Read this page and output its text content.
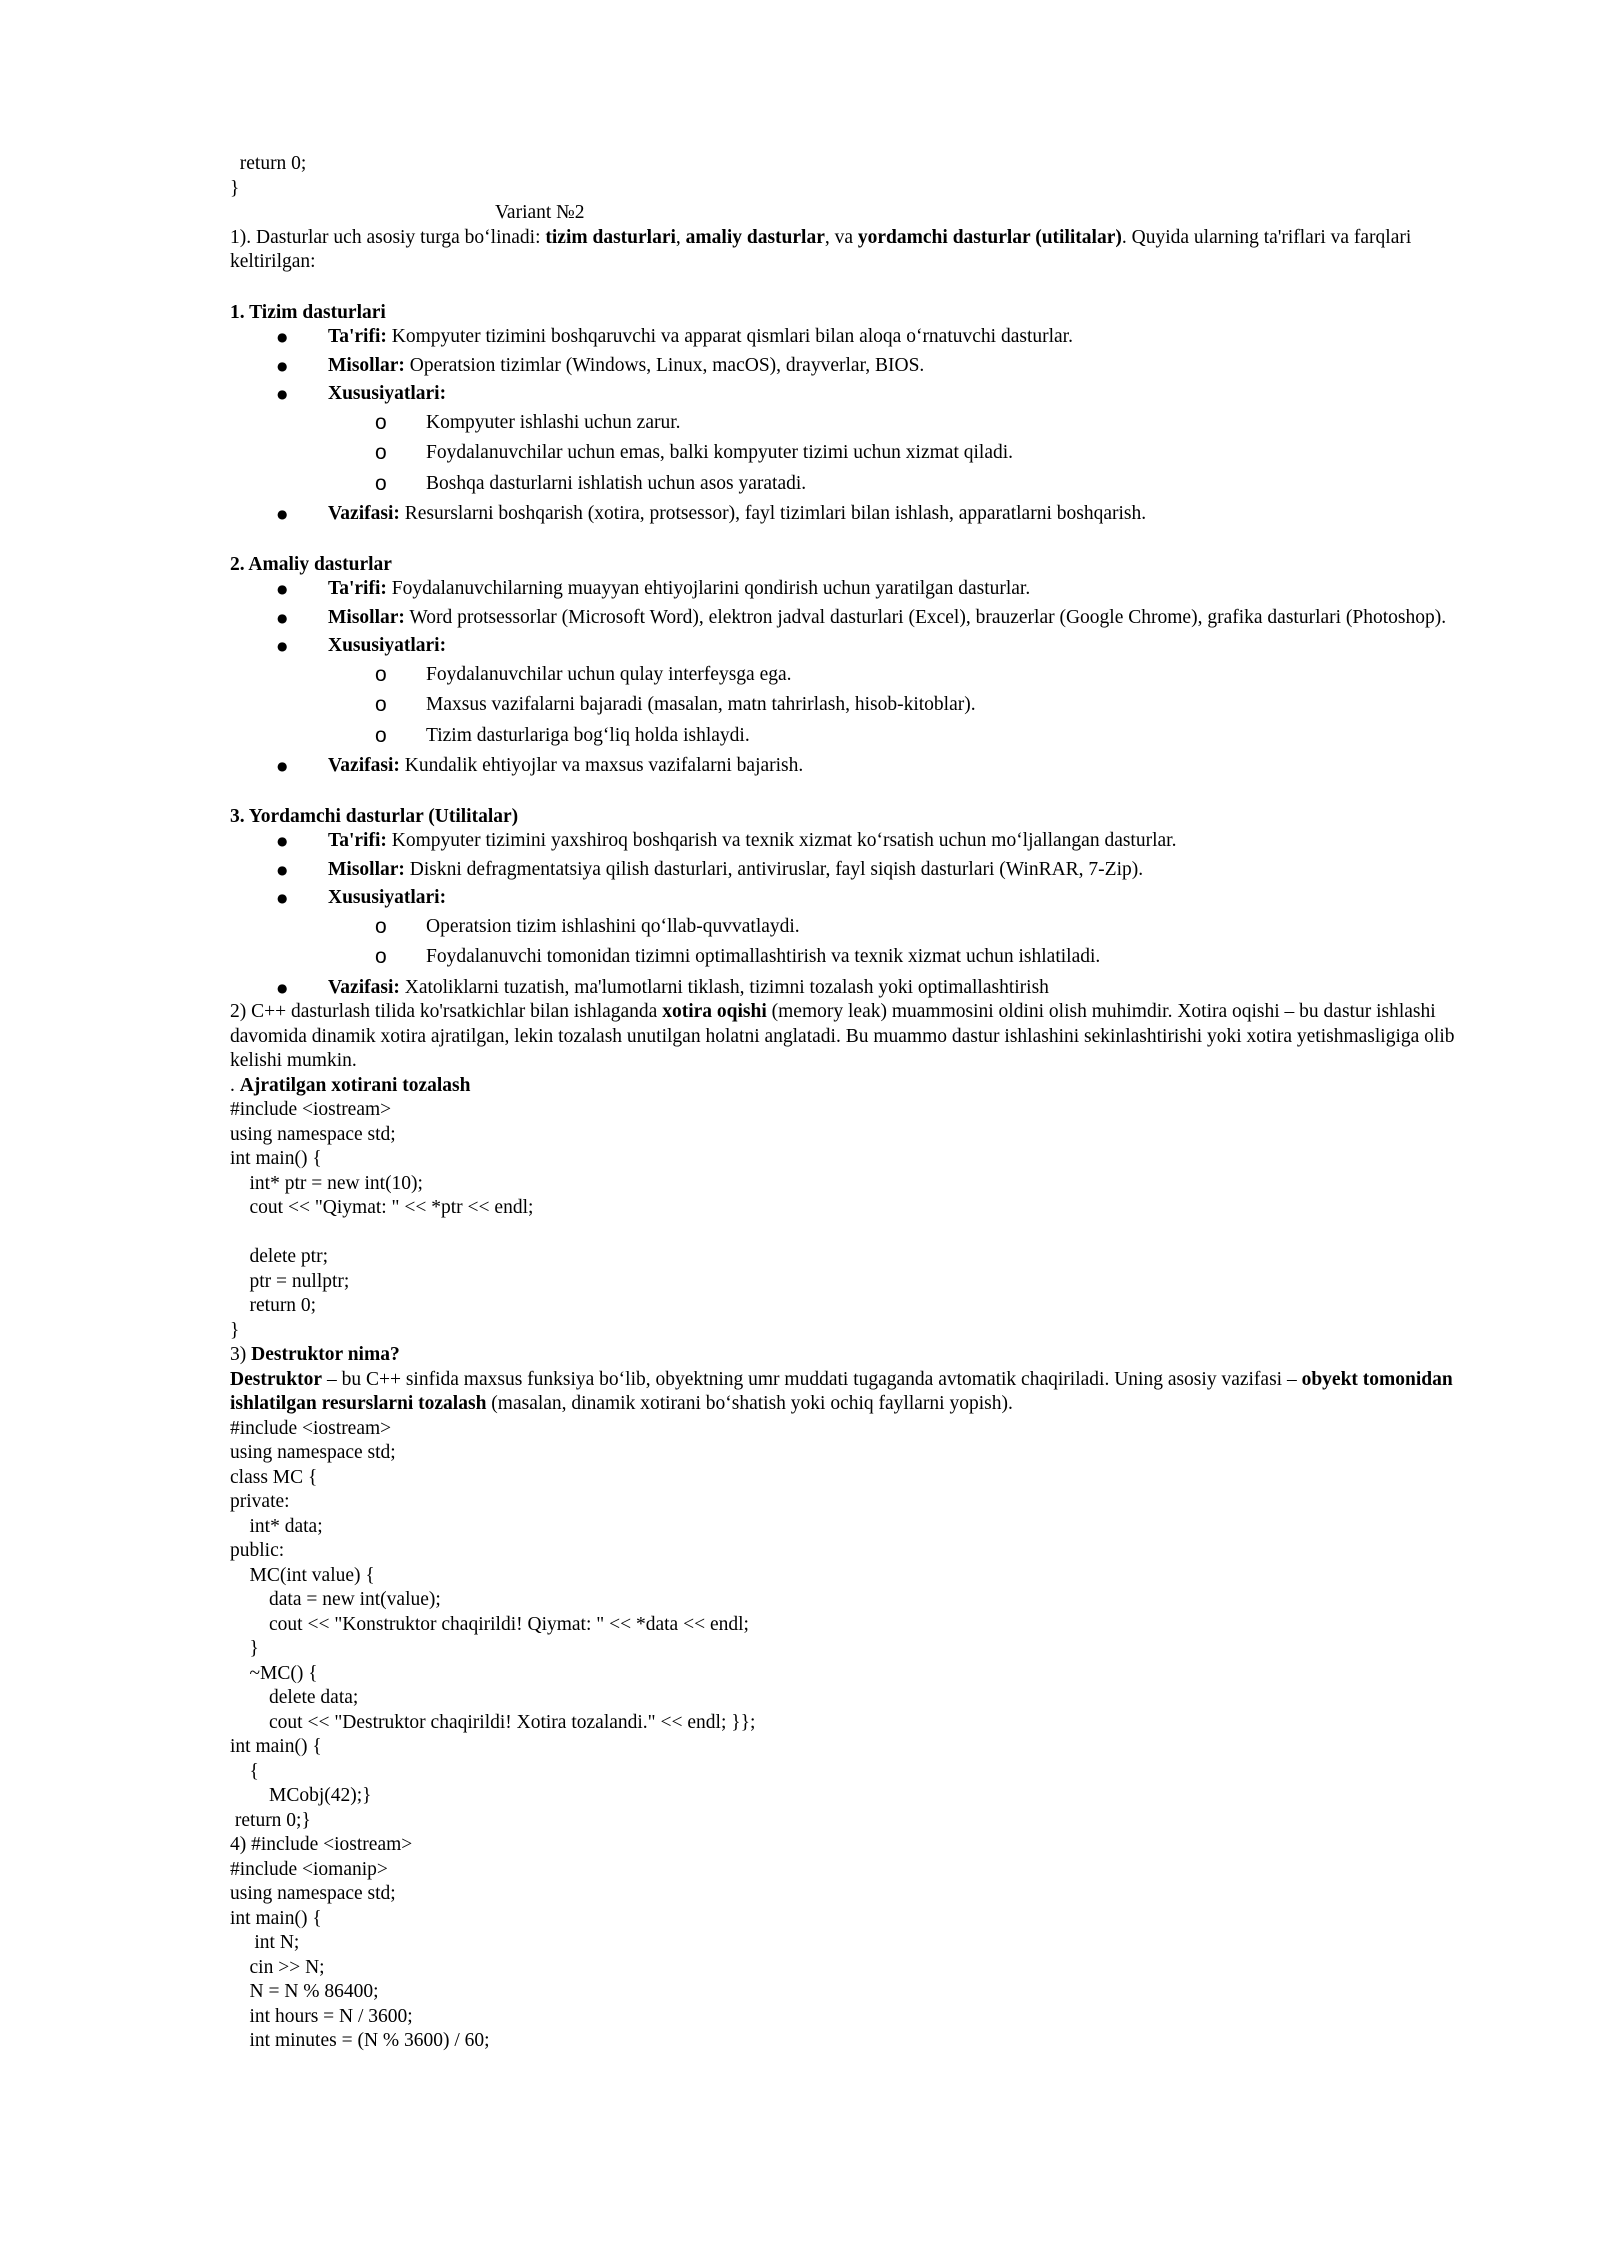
return 0;
}
Variant №2
1). Dasturlar uch asosiy turga bo‘linadi: tizim dasturlari, amaliy dasturlar, va yordamchi dasturlar (utilitalar). Quyida ularning ta'riflari va farqlari keltirilgan:
1. Tizim dasturlari
● Ta'rifi: Kompyuter tizimini boshqaruvchi va apparat qismlari bilan aloqa o‘rnatuvchi dasturlar.
● Misollar: Operatsion tizimlar (Windows, Linux, macOS), drayverlar, BIOS.
● Xususiyatlari:
o Kompyuter ishlashi uchun zarur.
o Foydalanuvchilar uchun emas, balki kompyuter tizimi uchun xizmat qiladi.
o Boshqa dasturlarni ishlatish uchun asos yaratadi.
● Vazifasi: Resurslarni boshqarish (xotira, protsessor), fayl tizimlari bilan ishlash, apparatlarni boshqarish.
2. Amaliy dasturlar
● Ta'rifi: Foydalanuvchilarning muayyan ehtiyojlarini qondirish uchun yaratilgan dasturlar.
● Misollar: Word protsessorlar (Microsoft Word), elektron jadval dasturlari (Excel), brauzerlar (Google Chrome), grafika dasturlari (Photoshop).
● Xususiyatlari:
o Foydalanuvchilar uchun qulay interfeysga ega.
o Maxsus vazifalarni bajaradi (masalan, matn tahrirlash, hisob-kitoblar).
o Tizim dasturlariga bog‘liq holda ishlaydi.
● Vazifasi: Kundalik ehtiyojlar va maxsus vazifalarni bajarish.
3. Yordamchi dasturlar (Utilitalar)
● Ta'rifi: Kompyuter tizimini yaxshiroq boshqarish va texnik xizmat ko‘rsatish uchun mo‘ljallangan dasturlar.
● Misollar: Diskni defragmentatsiya qilish dasturlari, antiviruslar, fayl siqish dasturlari (WinRAR, 7-Zip).
● Xususiyatlari:
o Operatsion tizim ishlashini qo‘llab-quvvatlaydi.
o Foydalanuvchi tomonidan tizimni optimallashtirish va texnik xizmat uchun ishlatiladi.
● Vazifasi: Xatoliklarni tuzatish, ma'lumotlarni tiklash, tizimni tozalash yoki optimallashtirish
2) C++ dasturlash tilida ko'rsatkichlar bilan ishlaganda xotira oqishi (memory leak) muammosini oldini olish muhimdir. Xotira oqishi – bu dastur ishlashi davomida dinamik xotira ajratilgan, lekin tozalash unutilgan holatni anglatadi. Bu muammo dastur ishlashini sekinlashtirishi yoki xotira yetishmasligiga olib kelishi mumkin.
. Ajratilgan xotirani tozalash
#include <iostream>
using namespace std;
int main() {
int* ptr = new int(10);
cout << "Qiymat: " << *ptr << endl;
delete ptr;
ptr = nullptr;
return 0;
}
3) Destruktor nima?
Destruktor – bu C++ sinfida maxsus funksiya bo‘lib, obyektning umr muddati tugaganda avtomatik chaqiriladi. Uning asosiy vazifasi – obyekt tomonidan ishlatilgan resurslarni tozalash (masalan, dinamik xotirani bo‘shatish yoki ochiq fayllarni yopish).
#include <iostream>
using namespace std;
class MC {
private:
int* data;
public:
MC(int value) {
data = new int(value);
cout << "Konstruktor chaqirildi! Qiymat: " << *data << endl;
}
~MC() {
delete data;
cout << "Destruktor chaqirildi! Xotira tozalandi." << endl; }};
int main() {
{
MCobj(42);}
return 0;}
4) #include <iostream>
#include <iomanip>
using namespace std;
int main() {
int N;
cin >> N;
N = N % 86400;
int hours = N / 3600;
int minutes = (N % 3600) / 60;
